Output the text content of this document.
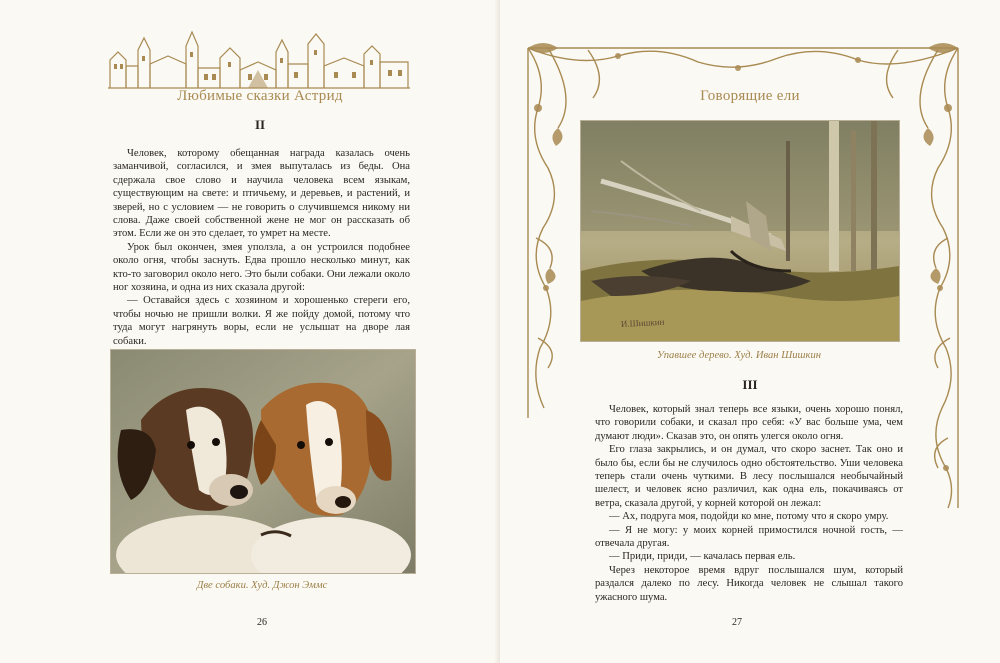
Любимые сказки Астрид
II

Человек, которому обещанная награда казалась очень заманчивой, согласился, и змея выпуталась из беды. Она сдержала свое слово и научила человека всем языкам, существующим на свете: и птичьему, и деревьев, и растений, и зверей, но с условием — не говорить о случившемся никому ни слова. Даже своей собственной жене не мог он рассказать об этом. Если же он это сделает, то умрет на месте.

Урок был окончен, змея уползла, а он устроился подобнее около огня, чтобы заснуть. Едва прошло несколько минут, как кто-то заговорил около него. Это были собаки. Они лежали около ног хозяина, и одна из них сказала другой:

— Оставайся здесь с хозяином и хорошенько стереги его, чтобы ночью не пришли волки. Я же пойду домой, потому что туда могут нагрянуть воры, если не услышат на дворе лая собаки.

Две собаки. Худ. Джон Эммс
26
Говорящие ели
И.Шишкин
Упавшее дерево. Худ. Иван Шишкин
III

Человек, который знал теперь все языки, очень хорошо понял, что говорили собаки, и сказал про себя: «У вас больше ума, чем думают люди». Сказав это, он опять улегся около огня.

Его глаза закрылись, и он думал, что скоро заснет. Так оно и было бы, если бы не случилось одно обстоятельство. Уши человека теперь стали очень чуткими. В лесу послышался необычайный шелест, и человек ясно различил, как одна ель, покачиваясь от ветра, сказала другой, у корней которой он лежал:

— Ах, подруга моя, подойди ко мне, потому что я скоро умру.

— Я не могу: у моих корней примостился ночной гость, — отвечала другая.

— Приди, приди, — качалась первая ель.

Через некоторое время вдруг послышался шум, который раздался далеко по лесу. Никогда человек не слышал такого ужасного шума.

27
